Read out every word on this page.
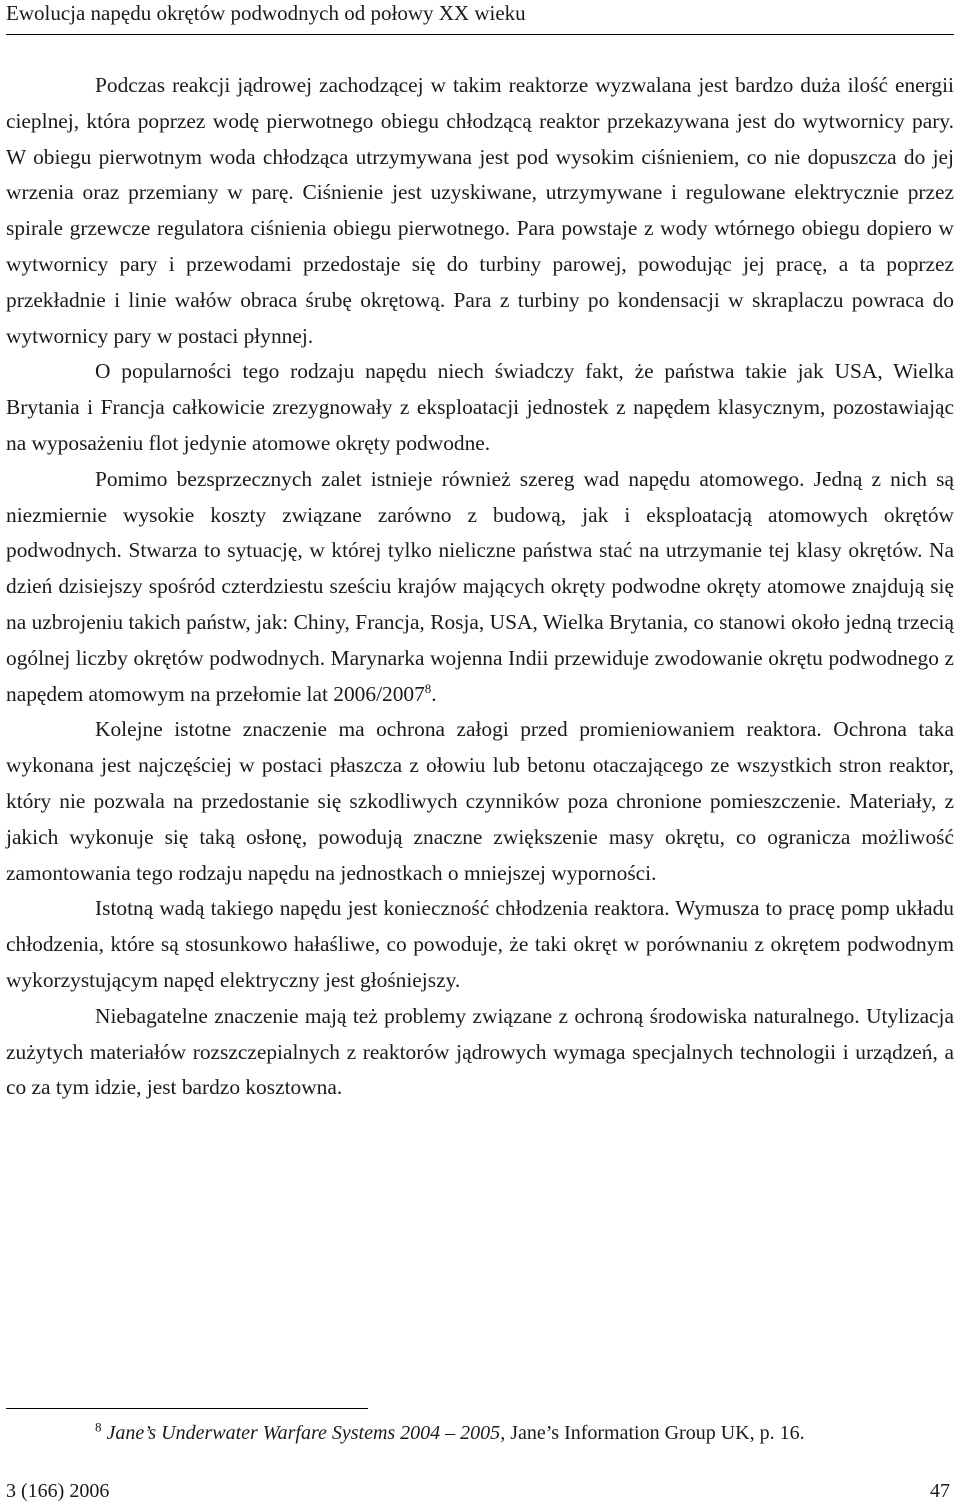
Ewolucja napędu okrętów podwodnych od połowy XX wieku

Podczas reakcji jądrowej zachodzącej w takim reaktorze wyzwalana jest bardzo duża ilość energii cieplnej, która poprzez wodę pierwotnego obiegu chłodzącą reaktor przekazywana jest do wytwornicy pary. W obiegu pierwotnym woda chłodząca utrzymywana jest pod wysokim ciśnieniem, co nie dopuszcza do jej wrzenia oraz przemiany w parę. Ciśnienie jest uzyskiwane, utrzymywane i regulowane elektrycznie przez spirale grzewcze regulatora ciśnienia obiegu pierwotnego. Para powstaje z wody wtórnego obiegu dopiero w wytwornicy pary i przewodami przedostaje się do turbiny parowej, powodując jej pracę, a ta poprzez przekładnie i linie wałów obraca śrubę okrętową. Para z turbiny po kondensacji w skraplaczu powraca do wytwornicy pary w postaci płynnej.

O popularności tego rodzaju napędu niech świadczy fakt, że państwa takie jak USA, Wielka Brytania i Francja całkowicie zrezygnowały z eksploatacji jednostek z napędem klasycznym, pozostawiając na wyposażeniu flot jedynie atomowe okręty podwodne.

Pomimo bezsprzecznych zalet istnieje również szereg wad napędu atomowego. Jedną z nich są niezmiernie wysokie koszty związane zarówno z budową, jak i eksploatacją atomowych okrętów podwodnych. Stwarza to sytuację, w której tylko nieliczne państwa stać na utrzymanie tej klasy okrętów. Na dzień dzisiejszy spośród czterdziestu sześciu krajów mających okręty podwodne okręty atomowe znajdują się na uzbrojeniu takich państw, jak: Chiny, Francja, Rosja, USA, Wielka Brytania, co stanowi około jedną trzecią ogólnej liczby okrętów podwodnych. Marynarka wojenna Indii przewiduje zwodowanie okrętu podwodnego z napędem atomowym na przełomie lat 2006/2007$^8$.

Kolejne istotne znaczenie ma ochrona załogi przed promieniowaniem reaktora. Ochrona taka wykonana jest najczęściej w postaci płaszcza z ołowiu lub betonu otaczającego ze wszystkich stron reaktor, który nie pozwala na przedostanie się szkodliwych czynników poza chronione pomieszczenie. Materiały, z jakich wykonuje się taką osłonę, powodują znaczne zwiększenie masy okrętu, co ogranicza możliwość zamontowania tego rodzaju napędu na jednostkach o mniejszej wyporności.

Istotną wadą takiego napędu jest konieczność chłodzenia reaktora. Wymusza to pracę pomp układu chłodzenia, które są stosunkowo hałaśliwe, co powoduje, że taki okręt w porównaniu z okrętem podwodnym wykorzystującym napęd elektryczny jest głośniejszy.

Niebagatelne znaczenie mają też problemy związane z ochroną środowiska naturalnego. Utylizacja zużytych materiałów rozszczepialnych z reaktorów jądrowych wymaga specjalnych technologii i urządzeń, a co za tym idzie, jest bardzo kosztowna.

$^8$ Jane’s Underwater Warfare Systems 2004 – 2005, Jane’s Information Group UK, p. 16.
3 (166) 2006	47
